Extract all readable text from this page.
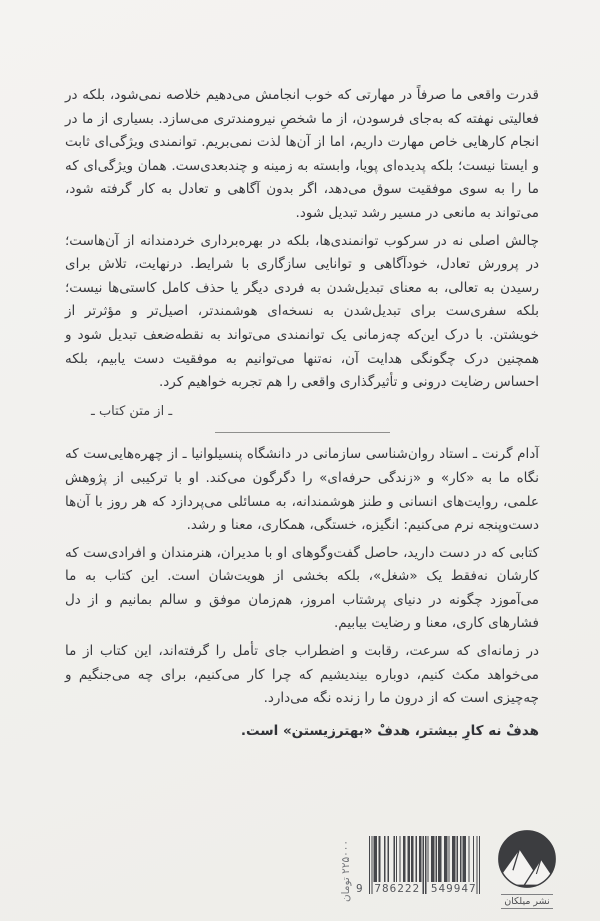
قدرت واقعی ما صرفاً در مهارتی که خوب انجامش می‌دهیم خلاصه نمی‌شود، بلکه در فعالیتی نهفته که به‌جای فرسودن، از ما شخصِ نیرومندتری می‌سازد. بسیاری از ما در انجام کارهایی خاص مهارت داریم، اما از آن‌ها لذت نمی‌بریم. توانمندی ویژگی‌ای ثابت و ایستا نیست؛ بلکه پدیده‌ای پویا، وابسته به زمینه و چندبعدی‌ست. همان ویژگی‌ای که ما را به سوی موفقیت سوق می‌دهد، اگر بدون آگاهی و تعادل به کار گرفته شود، می‌تواند به مانعی در مسیر رشد تبدیل شود.

چالش اصلی نه در سرکوب توانمندی‌ها، بلکه در بهره‌برداری خردمندانه از آن‌هاست؛ در پرورش تعادل، خودآگاهی و توانایی سازگاری با شرایط. درنهایت، تلاش برای رسیدن به تعالی، به معنای تبدیل‌شدن به فردی دیگر یا حذف کامل کاستی‌ها نیست؛ بلکه سفری‌ست برای تبدیل‌شدن به نسخه‌ای هوشمندتر، اصیل‌تر و مؤثرتر از خویشتن. با درک این‌که چه‌زمانی یک توانمندی می‌تواند به نقطه‌ضعف تبدیل شود و همچنین درک چگونگی هدایت آن، نه‌تنها می‌توانیم به موفقیت دست یابیم، بلکه احساس رضایت درونی و تأثیرگذاری واقعی را هم تجربه خواهیم کرد.

ـ از متن کتاب ـ

آدام گرنت ـ استاد روان‌شناسی سازمانی در دانشگاه پنسیلوانیا ـ از چهره‌هایی‌ست که نگاه ما به «کار» و «زندگی حرفه‌ای» را دگرگون می‌کند. او با ترکیبی از پژوهش علمی، روایت‌های انسانی و طنز هوشمندانه، به مسائلی می‌پردازد که هر روز با آن‌ها دست‌وپنجه نرم می‌کنیم: انگیزه، خستگی، همکاری، معنا و رشد.

کتابی که در دست دارید، حاصل گفت‌وگوهای او با مدیران، هنرمندان و افرادی‌ست که کارشان نه‌فقط یک «شغل»، بلکه بخشی از هویت‌شان است. این کتاب به ما می‌آموزد چگونه در دنیای پرشتاب امروز، هم‌زمان موفق و سالم بمانیم و از دل فشارهای کاری، معنا و رضایت بیابیم.

در زمانه‌ای که سرعت، رقابت و اضطراب جای تأمل را گرفته‌اند، این کتاب از ما می‌خواهد مکث کنیم، دوباره بیندیشیم که چرا کار می‌کنیم، برای چه می‌جنگیم و چه‌چیزی است که از درون ما را زنده نگه می‌دارد.

هدفْ نه کارِ بیشتر، هدفْ «بهترزیستن» است.

۲۲۵۰۰۰ تومان
9 786222 549947
نشر میلکان
